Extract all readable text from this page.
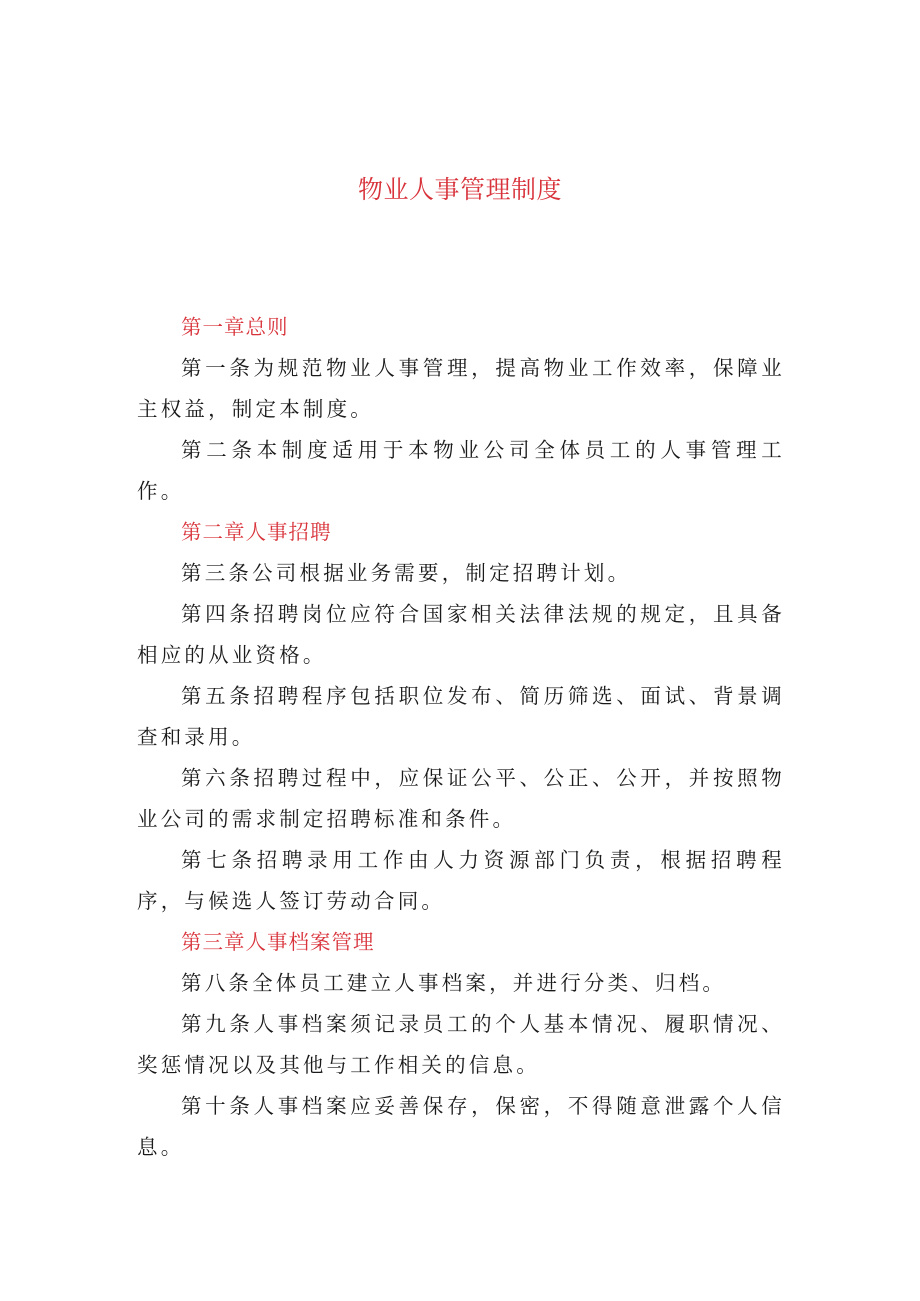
物业人事管理制度
第一章总则

第一条为规范物业人事管理，提高物业工作效率，保障业主权益，制定本制度。

第二条本制度适用于本物业公司全体员工的人事管理工作。

第二章人事招聘

第三条公司根据业务需要，制定招聘计划。

第四条招聘岗位应符合国家相关法律法规的规定，且具备相应的从业资格。

第五条招聘程序包括职位发布、简历筛选、面试、背景调查和录用。

第六条招聘过程中，应保证公平、公正、公开，并按照物业公司的需求制定招聘标准和条件。

第七条招聘录用工作由人力资源部门负责，根据招聘程序，与候选人签订劳动合同。

第三章人事档案管理

第八条全体员工建立人事档案，并进行分类、归档。

第九条人事档案须记录员工的个人基本情况、履职情况、奖惩情况以及其他与工作相关的信息。

第十条人事档案应妥善保存，保密，不得随意泄露个人信息。
